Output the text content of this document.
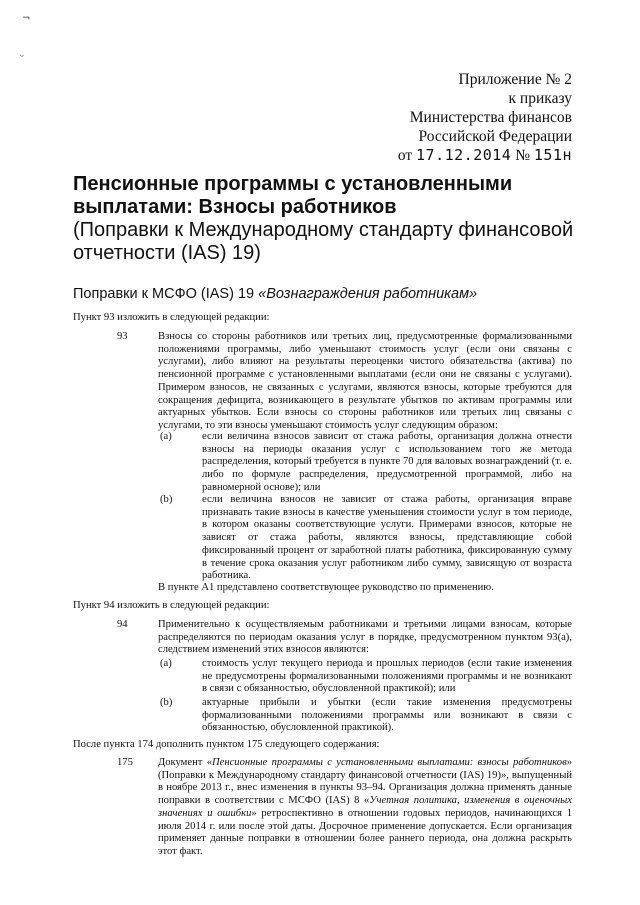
¬
ᵕ
Приложение № 2
к приказу
Министерства финансов
Российской Федерации
от 17.12.2014 № 151н

Пенсионные программы с установленными

выплатами: Взносы работников

(Поправки к Международному стандарту финансовой

отчетности (IAS) 19)

Поправки к МСФО (IAS) 19 «Вознаграждения работникам»
Пункт 93 изложить в следующей редакции:
93	Взносы со стороны работников или третьих лиц, предусмотренные формализованными положениями программы, либо уменьшают стоимость услуг (если они связаны с услугами), либо влияют на результаты переоценки чистого обязательства (актива) по пенсионной программе с установленными выплатами (если они не связаны с услугами). Примером взносов, не связанных с услугами, являются взносы, которые требуются для сокращения дефицита, возникающего в результате убытков по активам программы или актуарных убытков. Если взносы со стороны работников или третьих лиц связаны с услугами, то эти взносы уменьшают стоимость услуг следующим образом:
(a)	если величина взносов зависит от стажа работы, организация должна отнести взносы на периоды оказания услуг с использованием того же метода распределения, который требуется в пункте 70 для валовых вознаграждений (т. е. либо по формуле распределения, предусмотренной программой, либо на равномерной основе); или
(b)	если величина взносов не зависит от стажа работы, организация вправе признавать такие взносы в качестве уменьшения стоимости услуг в том периоде, в котором оказаны соответствующие услуги. Примерами взносов, которые не зависят от стажа работы, являются взносы, представляющие собой фиксированный процент от заработной платы работника, фиксированную сумму в течение срока оказания услуг работником либо сумму, зависящую от возраста работника.
В пункте А1 представлено соответствующее руководство по применению.
Пункт 94 изложить в следующей редакции:
94	Применительно к осуществляемым работниками и третьими лицами взносам, которые распределяются по периодам оказания услуг в порядке, предусмотренном пунктом 93(a), следствием изменений этих взносов являются:
(a)	стоимость услуг текущего периода и прошлых периодов (если такие изменения не предусмотрены формализованными положениями программы и не возникают в связи с обязанностью, обусловленной практикой); или
(b)	актуарные прибыли и убытки (если такие изменения предусмотрены формализованными положениями программы или возникают в связи с обязанностью, обусловленной практикой).
После пункта 174 дополнить пунктом 175 следующего содержания:
175 Документ «Пенсионные программы с установленными выплатами: взносы работников» (Поправки к Международному стандарту финансовой отчетности (IAS) 19)», выпущенный в ноябре 2013 г., внес изменения в пункты 93–94. Организация должна применять данные поправки в соответствии с МСФО (IAS) 8 «Учетная политика, изменения в оценочных значениях и ошибки» ретроспективно в отношении годовых периодов, начинающихся 1 июля 2014 г. или после этой даты. Досрочное применение допускается. Если организация применяет данные поправки в отношении более раннего периода, она должна раскрыть этот факт.
